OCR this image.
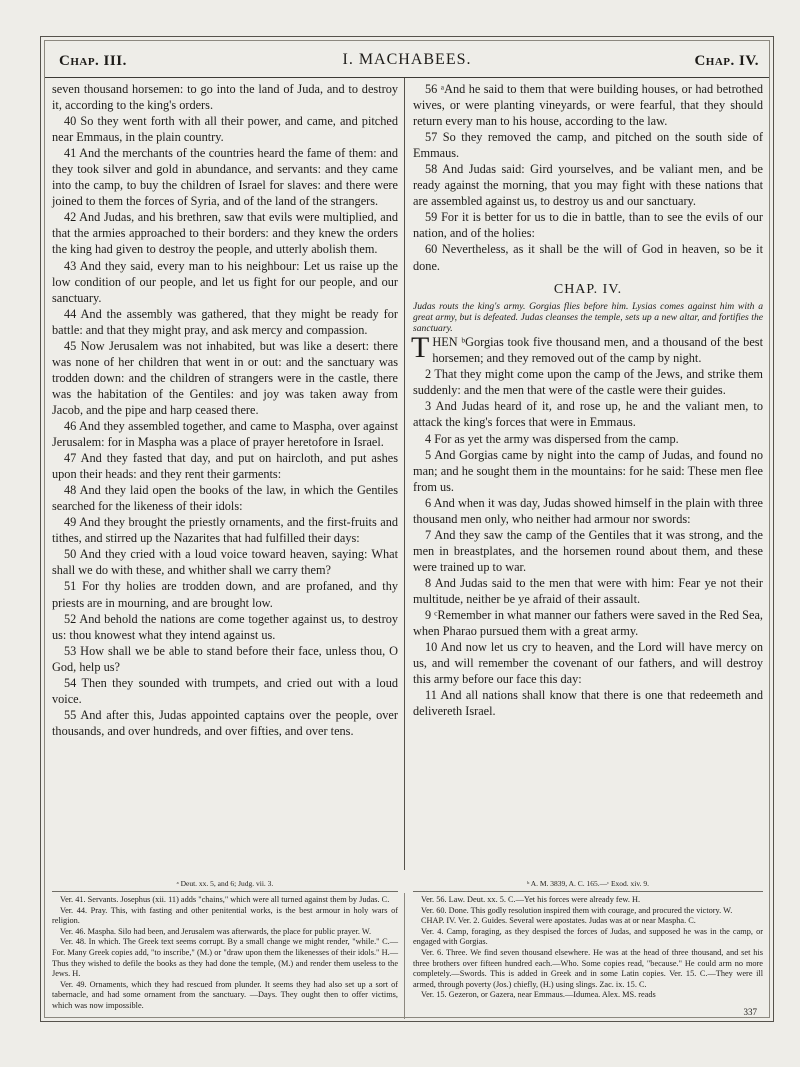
Chap. III.	I. MACHABEES.	Chap. IV.

seven thousand horsemen: to go into the land of Juda, and to destroy it, according to the king's orders.

40 So they went forth with all their power, and came, and pitched near Emmaus, in the plain country.

41 And the merchants of the countries heard the fame of them: and they took silver and gold in abundance, and servants: and they came into the camp, to buy the children of Israel for slaves: and there were joined to them the forces of Syria, and of the land of the strangers.

42 And Judas, and his brethren, saw that evils were multiplied, and that the armies approached to their borders: and they knew the orders the king had given to destroy the people, and utterly abolish them.

43 And they said, every man to his neighbour: Let us raise up the low condition of our people, and let us fight for our people, and our sanctuary.

44 And the assembly was gathered, that they might be ready for battle: and that they might pray, and ask mercy and compassion.

45 Now Jerusalem was not inhabited, but was like a desert: there was none of her children that went in or out: and the sanctuary was trodden down: and the children of strangers were in the castle, there was the habitation of the Gentiles: and joy was taken away from Jacob, and the pipe and harp ceased there.

46 And they assembled together, and came to Maspha, over against Jerusalem: for in Maspha was a place of prayer heretofore in Israel.

47 And they fasted that day, and put on haircloth, and put ashes upon their heads: and they rent their garments:

48 And they laid open the books of the law, in which the Gentiles searched for the likeness of their idols:

49 And they brought the priestly ornaments, and the first-fruits and tithes, and stirred up the Nazarites that had fulfilled their days:

50 And they cried with a loud voice toward heaven, saying: What shall we do with these, and whither shall we carry them?

51 For thy holies are trodden down, and are profaned, and thy priests are in mourning, and are brought low.

52 And behold the nations are come together against us, to destroy us: thou knowest what they intend against us.

53 How shall we be able to stand before their face, unless thou, O God, help us?

54 Then they sounded with trumpets, and cried out with a loud voice.

55 And after this, Judas appointed captains over the people, over thousands, and over hundreds, and over fifties, and over tens.

56 ᵃAnd he said to them that were building houses, or had betrothed wives, or were planting vineyards, or were fearful, that they should return every man to his house, according to the law.

57 So they removed the camp, and pitched on the south side of Emmaus.

58 And Judas said: Gird yourselves, and be valiant men, and be ready against the morning, that you may fight with these nations that are assembled against us, to destroy us and our sanctuary.

59 For it is better for us to die in battle, than to see the evils of our nation, and of the holies:

60 Nevertheless, as it shall be the will of God in heaven, so be it done.

CHAP. IV.

Judas routs the king's army. Gorgias flies before him. Lysias comes against him with a great army, but is defeated. Judas cleanses the temple, sets up a new altar, and fortifies the sanctuary.

THEN ᵇGorgias took five thousand men, and a thousand of the best horsemen; and they removed out of the camp by night.

2 That they might come upon the camp of the Jews, and strike them suddenly: and the men that were of the castle were their guides.

3 And Judas heard of it, and rose up, he and the valiant men, to attack the king's forces that were in Emmaus.

4 For as yet the army was dispersed from the camp.

5 And Gorgias came by night into the camp of Judas, and found no man; and he sought them in the mountains: for he said: These men flee from us.

6 And when it was day, Judas showed himself in the plain with three thousand men only, who neither had armour nor swords:

7 And they saw the camp of the Gentiles that it was strong, and the men in breastplates, and the horsemen round about them, and these were trained up to war.

8 And Judas said to the men that were with him: Fear ye not their multitude, neither be ye afraid of their assault.

9 ᶜRemember in what manner our fathers were saved in the Red Sea, when Pharao pursued them with a great army.

10 And now let us cry to heaven, and the Lord will have mercy on us, and will remember the covenant of our fathers, and will destroy this army before our face this day:

11 And all nations shall know that there is one that redeemeth and delivereth Israel.

ᵃ Deut. xx. 5, and 6; Judg. vii. 3.	ᵇ A. M. 3839, A. C. 165.—ᶜ Exod. xiv. 9.

Ver. 41. Servants. Josephus (xii. 11) adds "chains," which were all turned against them by Judas. C.

Ver. 44. Pray. This, with fasting and other penitential works, is the best armour in holy wars of religion.

Ver. 46. Maspha. Silo had been, and Jerusalem was afterwards, the place for public prayer. W.

Ver. 48. In which. The Greek text seems corrupt. By a small change we might render, "while." C.—For. Many Greek copies add, "to inscribe," (M.) or "draw upon them the likenesses of their idols." H.—Thus they wished to defile the books as they had done the temple, (M.) and render them useless to the Jews. H.

Ver. 49. Ornaments, which they had rescued from plunder. It seems they had also set up a sort of tabernacle, and had some ornament from the sanctuary. —Days. They ought then to offer victims, which was now impossible.

Ver. 56. Law. Deut. xx. 5. C.—Yet his forces were already few. H.

Ver. 60. Done. This godly resolution inspired them with courage, and procured the victory. W.

CHAP. IV. Ver. 2. Guides. Several were apostates. Judas was at or near Maspha. C.

Ver. 4. Camp, foraging, as they despised the forces of Judas, and supposed he was in the camp, or engaged with Gorgias.

Ver. 6. Three. We find seven thousand elsewhere. He was at the head of three thousand, and set his three brothers over fifteen hundred each.—Who. Some copies read, "because." He could arm no more completely.—Swords. This is added in Greek and in some Latin copies. Ver. 15. C.—They were ill armed, through poverty (Jos.) chiefly, (H.) using slings. Zac. ix. 15. C.

Ver. 15. Gezeron, or Gazera, near Emmaus.—Idumea. Alex. MS. reads

337
